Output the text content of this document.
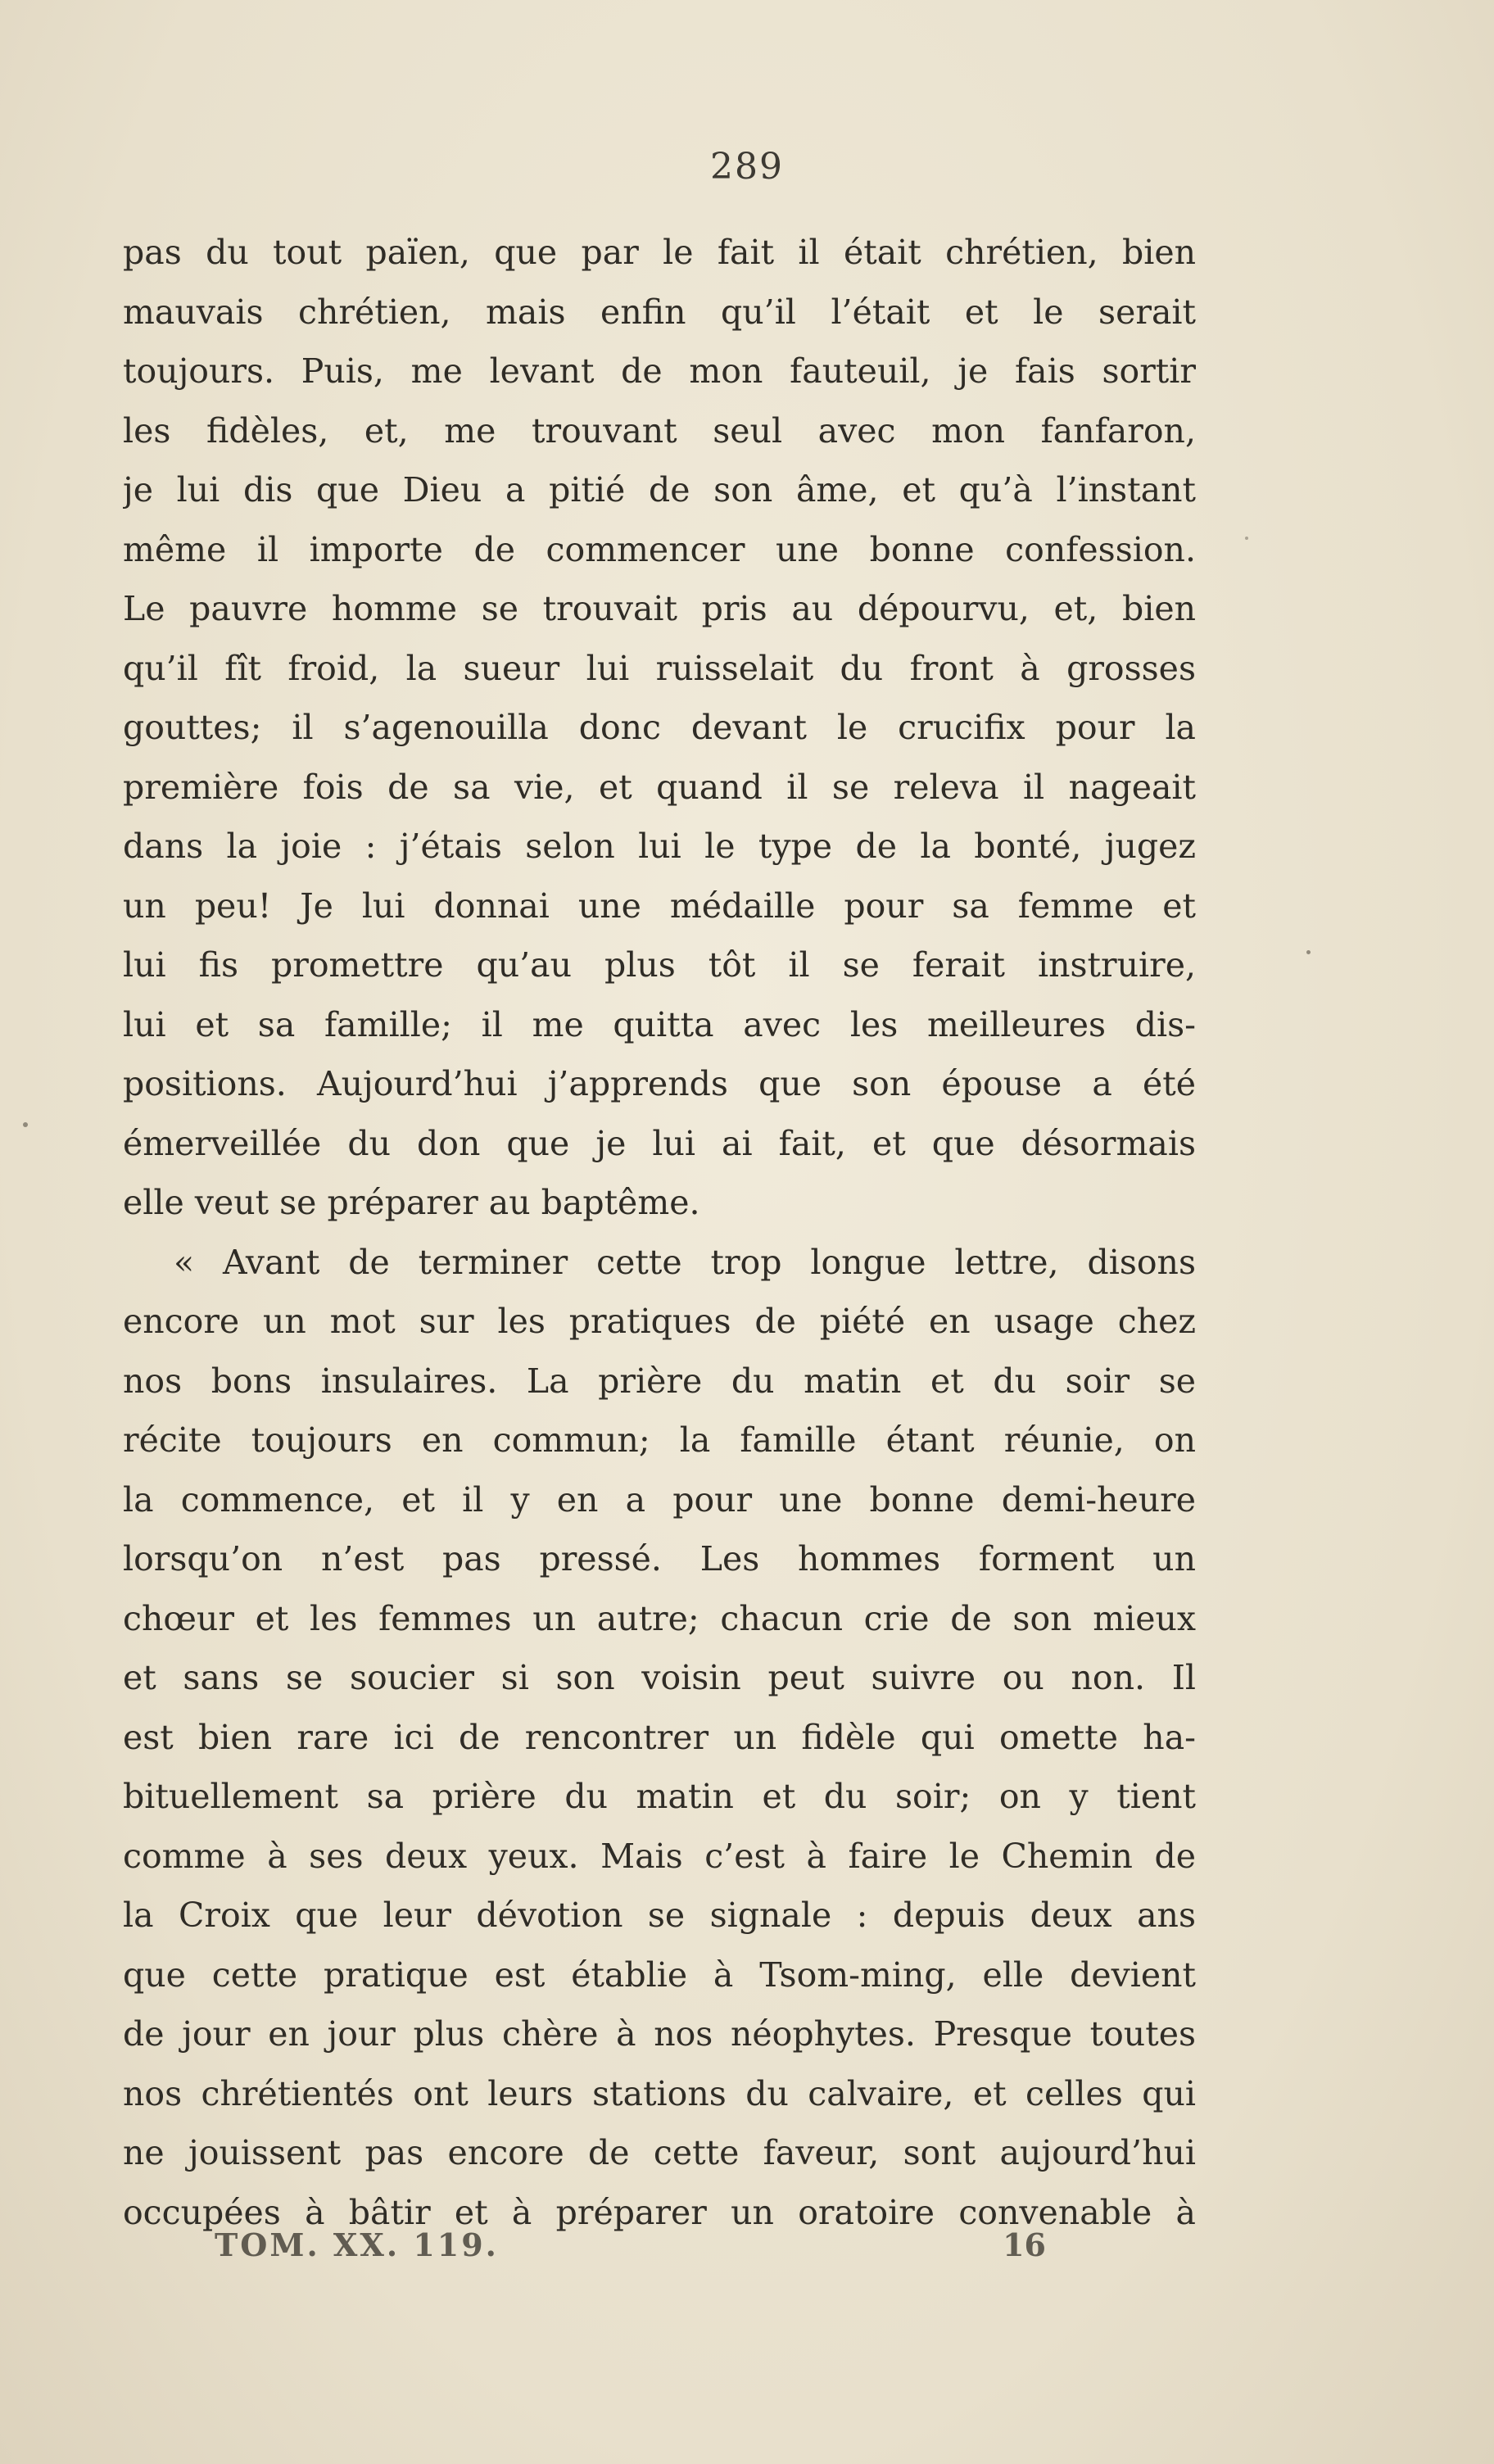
289
pas du tout païen, que par le fait il était chrétien, bien
mauvais chrétien, mais enfin qu’il l’était et le serait
toujours. Puis, me levant de mon fauteuil, je fais sortir
les fidèles, et, me trouvant seul avec mon fanfaron,
je lui dis que Dieu a pitié de son âme, et qu’à l’instant
même il importe de commencer une bonne confession.
Le pauvre homme se trouvait pris au dépourvu, et, bien
qu’il fît froid, la sueur lui ruisselait du front à grosses
gouttes; il s’agenouilla donc devant le crucifix pour la
première fois de sa vie, et quand il se releva il nageait
dans la joie : j’étais selon lui le type de la bonté, jugez
un peu! Je lui donnai une médaille pour sa femme et
lui fis promettre qu’au plus tôt il se ferait instruire,
lui et sa famille; il me quitta avec les meilleures dis-
positions. Aujourd’hui j’apprends que son épouse a été
émerveillée du don que je lui ai fait, et que désormais
elle veut se préparer au baptême.
« Avant de terminer cette trop longue lettre, disons
encore un mot sur les pratiques de piété en usage chez
nos bons insulaires. La prière du matin et du soir se
récite toujours en commun; la famille étant réunie, on
la commence, et il y en a pour une bonne demi-heure
lorsqu’on n’est pas pressé. Les hommes forment un
chœur et les femmes un autre; chacun crie de son mieux
et sans se soucier si son voisin peut suivre ou non. Il
est bien rare ici de rencontrer un fidèle qui omette ha-
bituellement sa prière du matin et du soir; on y tient
comme à ses deux yeux. Mais c’est à faire le Chemin de
la Croix que leur dévotion se signale : depuis deux ans
que cette pratique est établie à Tsom-ming, elle devient
de jour en jour plus chère à nos néophytes. Presque toutes
nos chrétientés ont leurs stations du calvaire, et celles qui
ne jouissent pas encore de cette faveur, sont aujourd’hui
occupées à bâtir et à préparer un oratoire convenable à
TOM. XX. 119.	16
